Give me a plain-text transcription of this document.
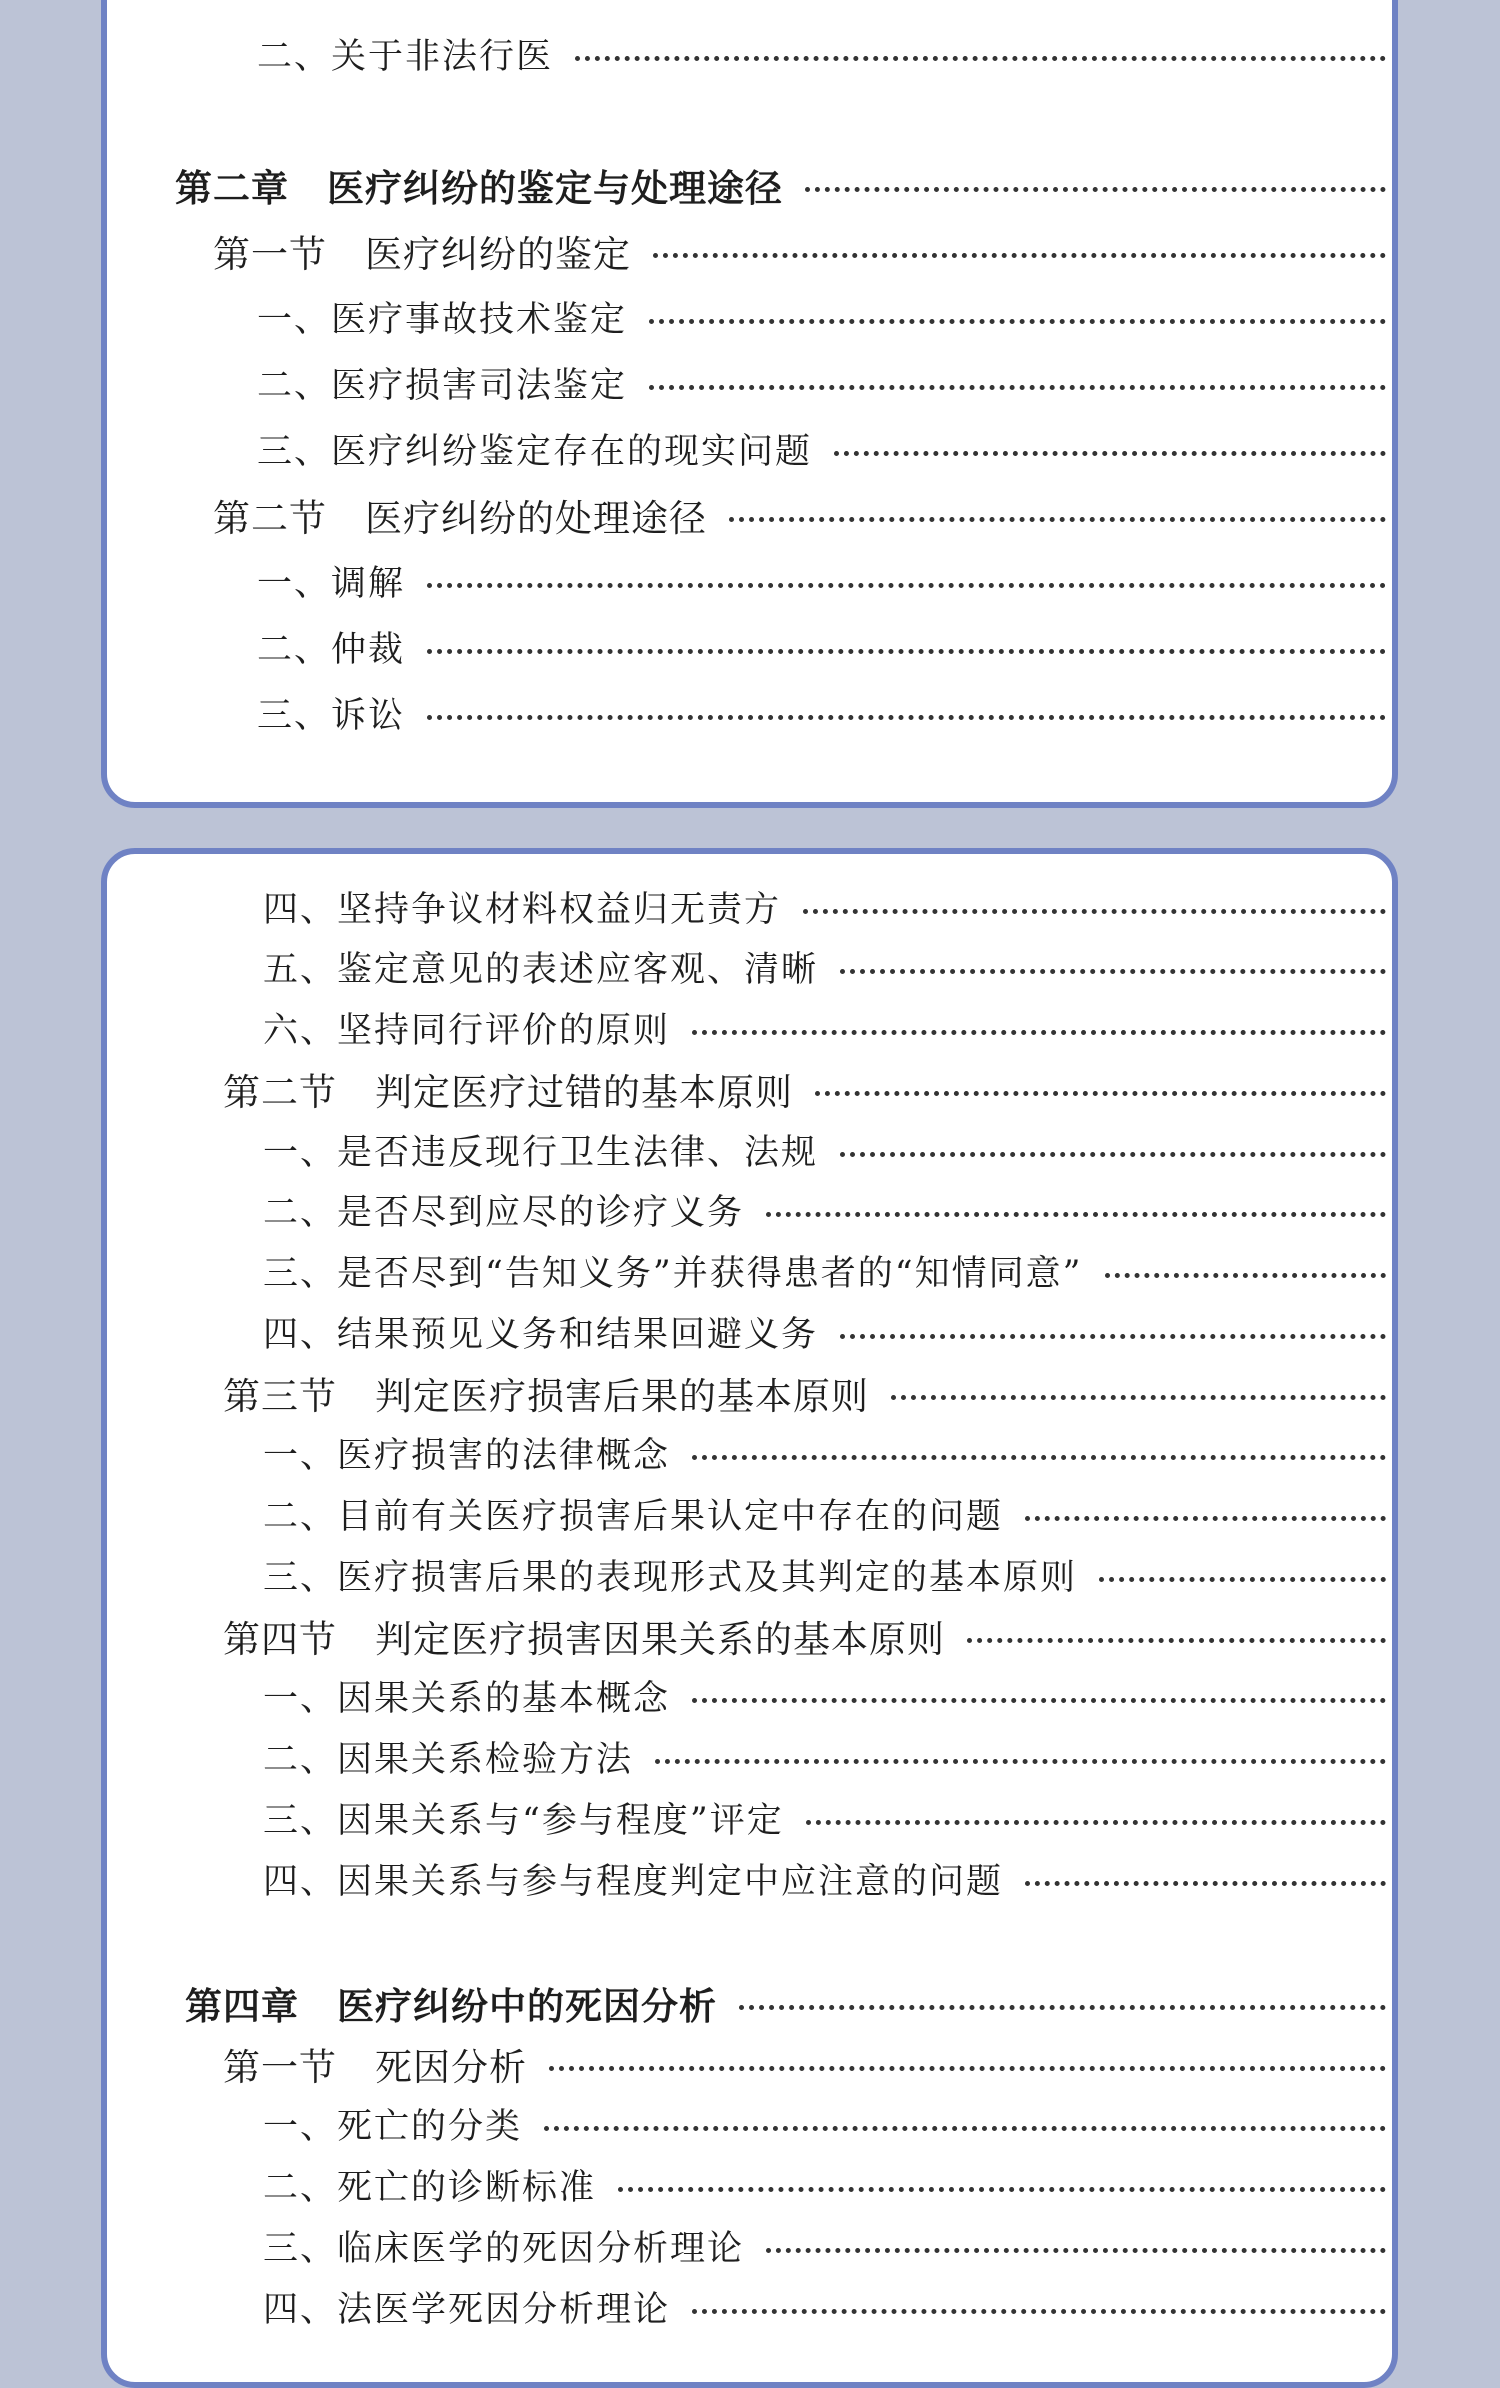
二、关于非法行医
第二章　医疗纠纷的鉴定与处理途径
第一节　医疗纠纷的鉴定
一、医疗事故技术鉴定
二、医疗损害司法鉴定
三、医疗纠纷鉴定存在的现实问题
第二节　医疗纠纷的处理途径
一、调解
二、仲裁
三、诉讼
四、坚持争议材料权益归无责方
五、鉴定意见的表述应客观、清晰
六、坚持同行评价的原则
第二节　判定医疗过错的基本原则
一、是否违反现行卫生法律、法规
二、是否尽到应尽的诊疗义务
三、是否尽到“告知义务”并获得患者的“知情同意”
四、结果预见义务和结果回避义务
第三节　判定医疗损害后果的基本原则
一、医疗损害的法律概念
二、目前有关医疗损害后果认定中存在的问题
三、医疗损害后果的表现形式及其判定的基本原则
第四节　判定医疗损害因果关系的基本原则
一、因果关系的基本概念
二、因果关系检验方法
三、因果关系与“参与程度”评定
四、因果关系与参与程度判定中应注意的问题
第四章　医疗纠纷中的死因分析
第一节　死因分析
一、死亡的分类
二、死亡的诊断标准
三、临床医学的死因分析理论
四、法医学死因分析理论
